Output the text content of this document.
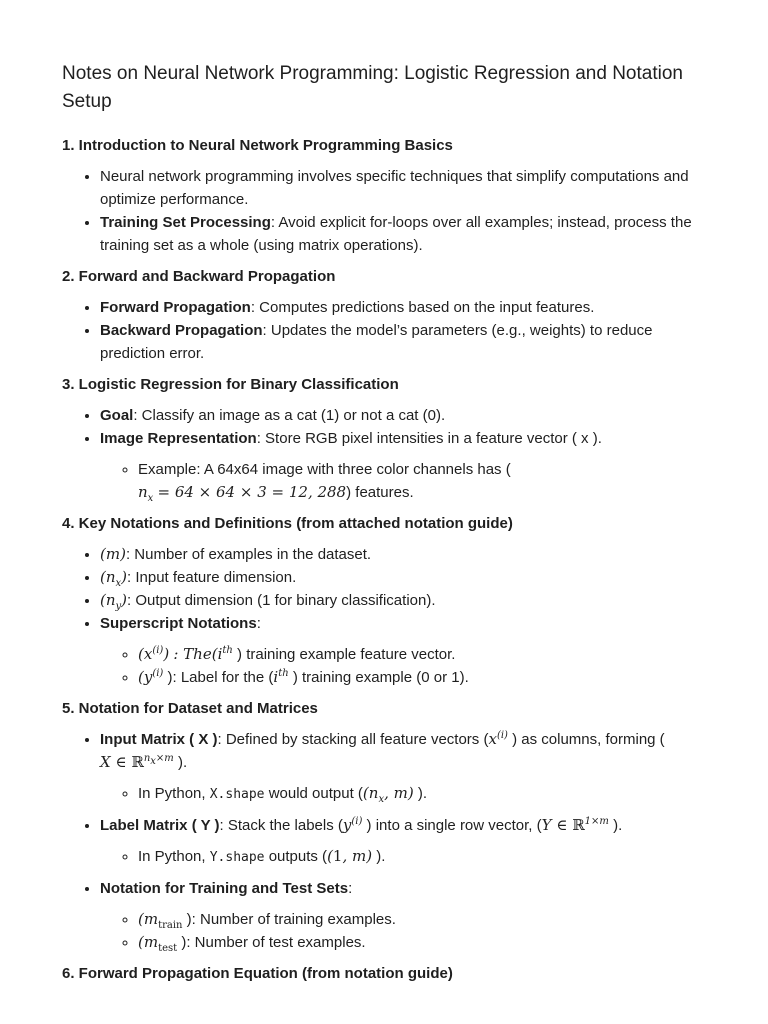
Notes on Neural Network Programming: Logistic Regression and Notation Setup
1. Introduction to Neural Network Programming Basics
• Neural network programming involves specific techniques that simplify computations and optimize performance.
• Training Set Processing: Avoid explicit for-loops over all examples; instead, process the training set as a whole (using matrix operations).
2. Forward and Backward Propagation
• Forward Propagation: Computes predictions based on the input features.
• Backward Propagation: Updates the model’s parameters (e.g., weights) to reduce prediction error.
3. Logistic Regression for Binary Classification
• Goal: Classify an image as a cat (1) or not a cat (0).
• Image Representation: Store RGB pixel intensities in a feature vector ( x ).
◦ Example: A 64x64 image with three color channels has (
$n_x = 64 \times 64 \times 3 = 12$, 288) features.
4. Key Notations and Definitions (from attached notation guide)
• (m): Number of examples in the dataset.
• $(n_x)$: Input feature dimension.
• $(n_y)$: Output dimension (1 for binary classification).
• Superscript Notations:
◦ $(x^{(i)})$ : $The(i^{th}$ ) training example feature vector.
◦ ($y^{(i)}$ ): Label for the ($i^{th}$ ) training example (0 or 1).
5. Notation for Dataset and Matrices
• Input Matrix ( X ): Defined by stacking all feature vectors ($x^{(i)}$ ) as columns, forming (
X ∈ ℝ$^{n_x\times m}$ ).
◦ In Python, X.shape would output (($n_x$, m) ).
• Label Matrix ( Y ): Stack the labels ($y^{(i)}$ ) into a single row vector, (Y ∈ ℝ$^{1\times m}$ ).
◦ In Python, Y.shape outputs ((1, m) ).
• Notation for Training and Test Sets:
◦ ($m_{train}$ ): Number of training examples.
◦ ($m_{test}$ ): Number of test examples.
6. Forward Propagation Equation (from notation guide)
